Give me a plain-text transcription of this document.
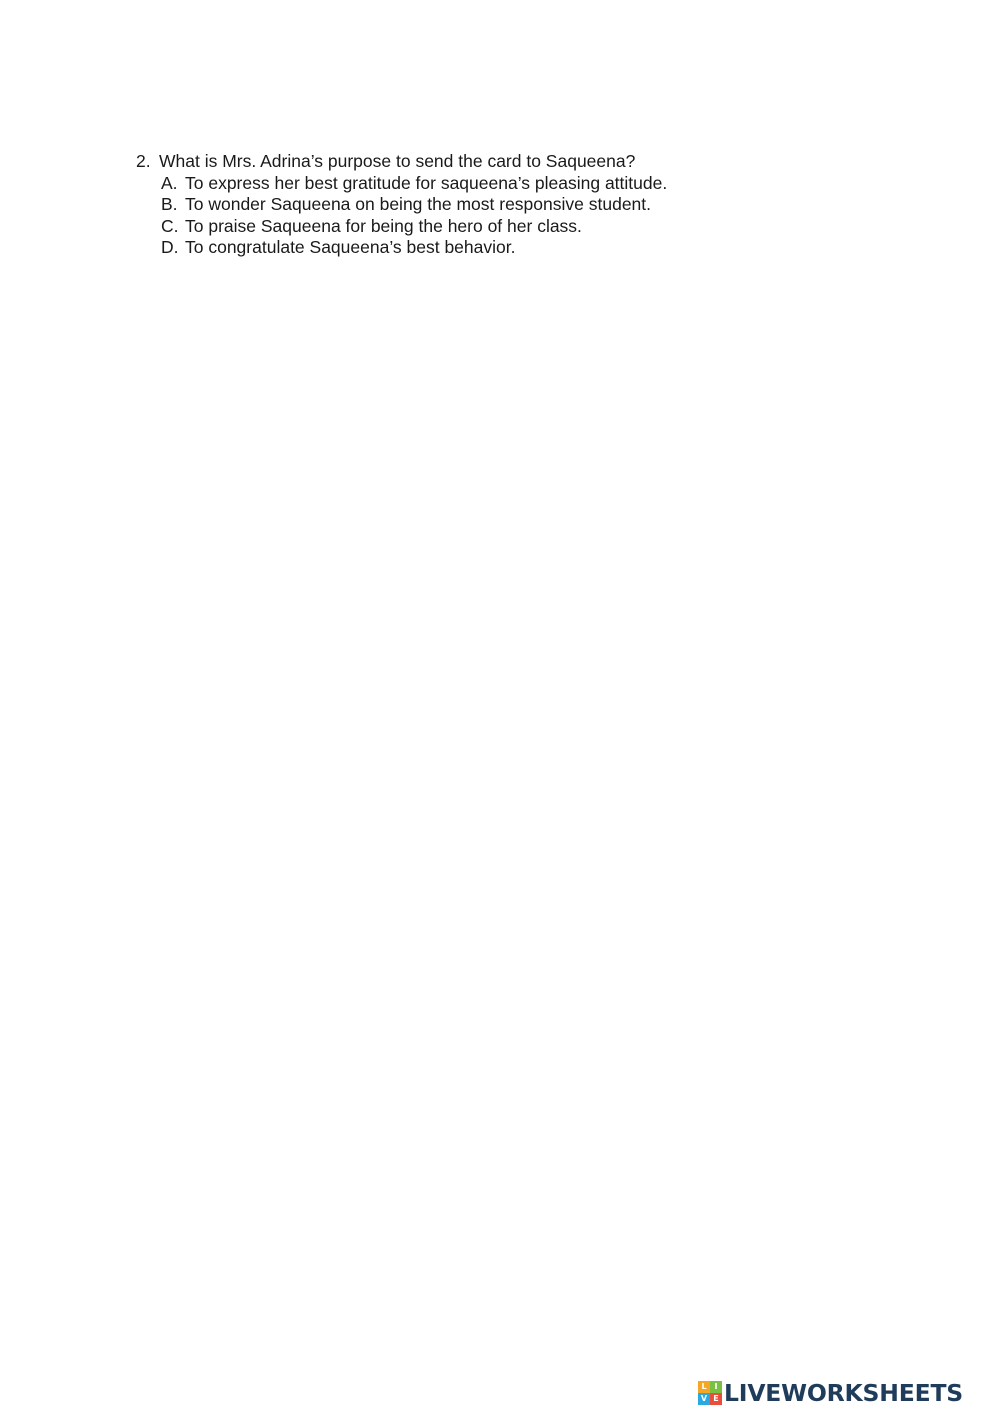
2. What is Mrs. Adrina’s purpose to send the card to Saqueena?
A. To express her best gratitude for saqueena’s pleasing attitude.
B. To wonder Saqueena on being the most responsive student.
C. To praise Saqueena for being the hero of her class.
D. To congratulate Saqueena’s best behavior.
L I
V E LIVEWORKSHEETS
